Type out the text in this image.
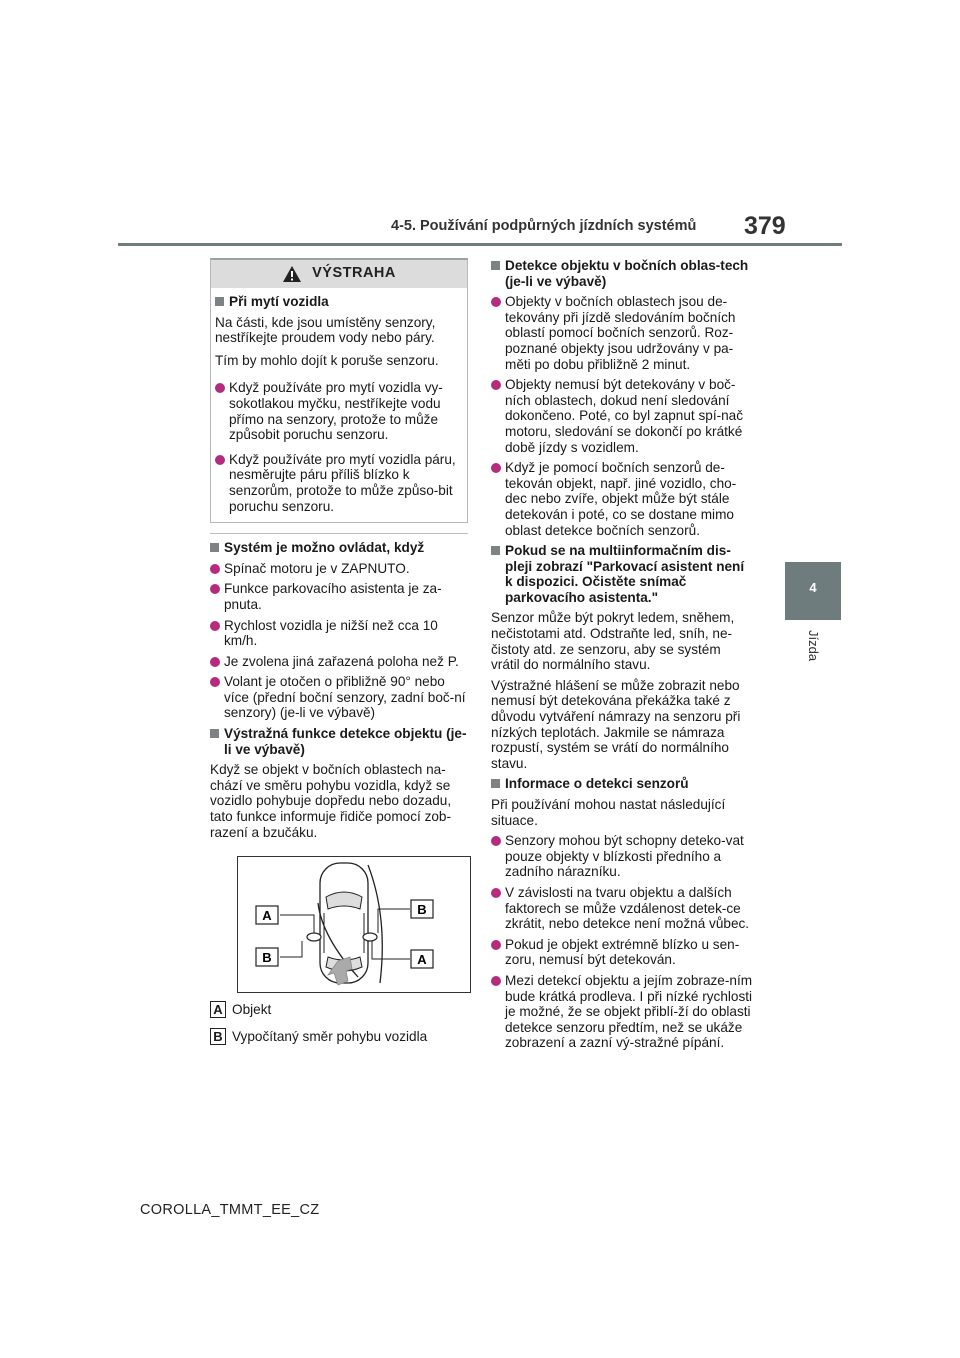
4-5. Používání podpůrných jízdních systémů 379
4
Jízda
VÝSTRAHA
Při mytí vozidla
Na části, kde jsou umístěny senzory, nestříkejte proudem vody nebo páry.
Tím by mohlo dojít k poruše senzoru.
Když používáte pro mytí vozidla vy-sokotlakou myčku, nestříkejte vodu přímo na senzory, protože to může způsobit poruchu senzoru.
Když používáte pro mytí vozidla páru, nesměrujte páru příliš blízko k senzorům, protože to může způso-bit poruchu senzoru.
Systém je možno ovládat, když
Spínač motoru je v ZAPNUTO.
Funkce parkovacího asistenta je za-pnuta.
Rychlost vozidla je nižší než cca 10 km/h.
Je zvolena jiná zařazená poloha než P.
Volant je otočen o přibližně 90° nebo více (přední boční senzory, zadní boč-ní senzory) (je-li ve výbavě)
Výstražná funkce detekce objektu (je-li ve výbavě)
Když se objekt v bočních oblastech na-chází ve směru pohybu vozidla, když se vozidlo pohybuje dopředu nebo dozadu, tato funkce informuje řidiče pomocí zob-razení a bzučáku.
A
B
B
A
A Objekt
B Vypočítaný směr pohybu vozidla
Detekce objektu v bočních oblas-tech (je-li ve výbavě)
Objekty v bočních oblastech jsou de-tekovány při jízdě sledováním bočních oblastí pomocí bočních senzorů. Roz-poznané objekty jsou udržovány v pa-měti po dobu přibližně 2 minut.
Objekty nemusí být detekovány v boč-ních oblastech, dokud není sledování dokončeno. Poté, co byl zapnut spí-nač motoru, sledování se dokončí po krátké době jízdy s vozidlem.
Když je pomocí bočních senzorů de-tekován objekt, např. jiné vozidlo, cho-dec nebo zvíře, objekt může být stále detekován i poté, co se dostane mimo oblast detekce bočních senzorů.
Pokud se na multiinformačním dis-pleji zobrazí "Parkovací asistent není k dispozici. Očistěte snímač parkovacího asistenta."
Senzor může být pokryt ledem, sněhem, nečistotami atd. Odstraňte led, sníh, ne-čistoty atd. ze senzoru, aby se systém vrátil do normálního stavu.
Výstražné hlášení se může zobrazit nebo nemusí být detekována překážka také z důvodu vytváření námrazy na senzoru při nízkých teplotách. Jakmile se námraza rozpustí, systém se vrátí do normálního stavu.
Informace o detekci senzorů
Při používání mohou nastat následující situace.
Senzory mohou být schopny deteko-vat pouze objekty v blízkosti předního a zadního nárazníku.
V závislosti na tvaru objektu a dalších faktorech se může vzdálenost detek-ce zkrátit, nebo detekce není možná vůbec.
Pokud je objekt extrémně blízko u sen-zoru, nemusí být detekován.
Mezi detekcí objektu a jejím zobraze-ním bude krátká prodleva. I při nízké rychlosti je možné, že se objekt přiblí-ží do oblasti detekce senzoru předtím, než se ukáže zobrazení a zazní vý-stražné pípání.
COROLLA_TMMT_EE_CZ
